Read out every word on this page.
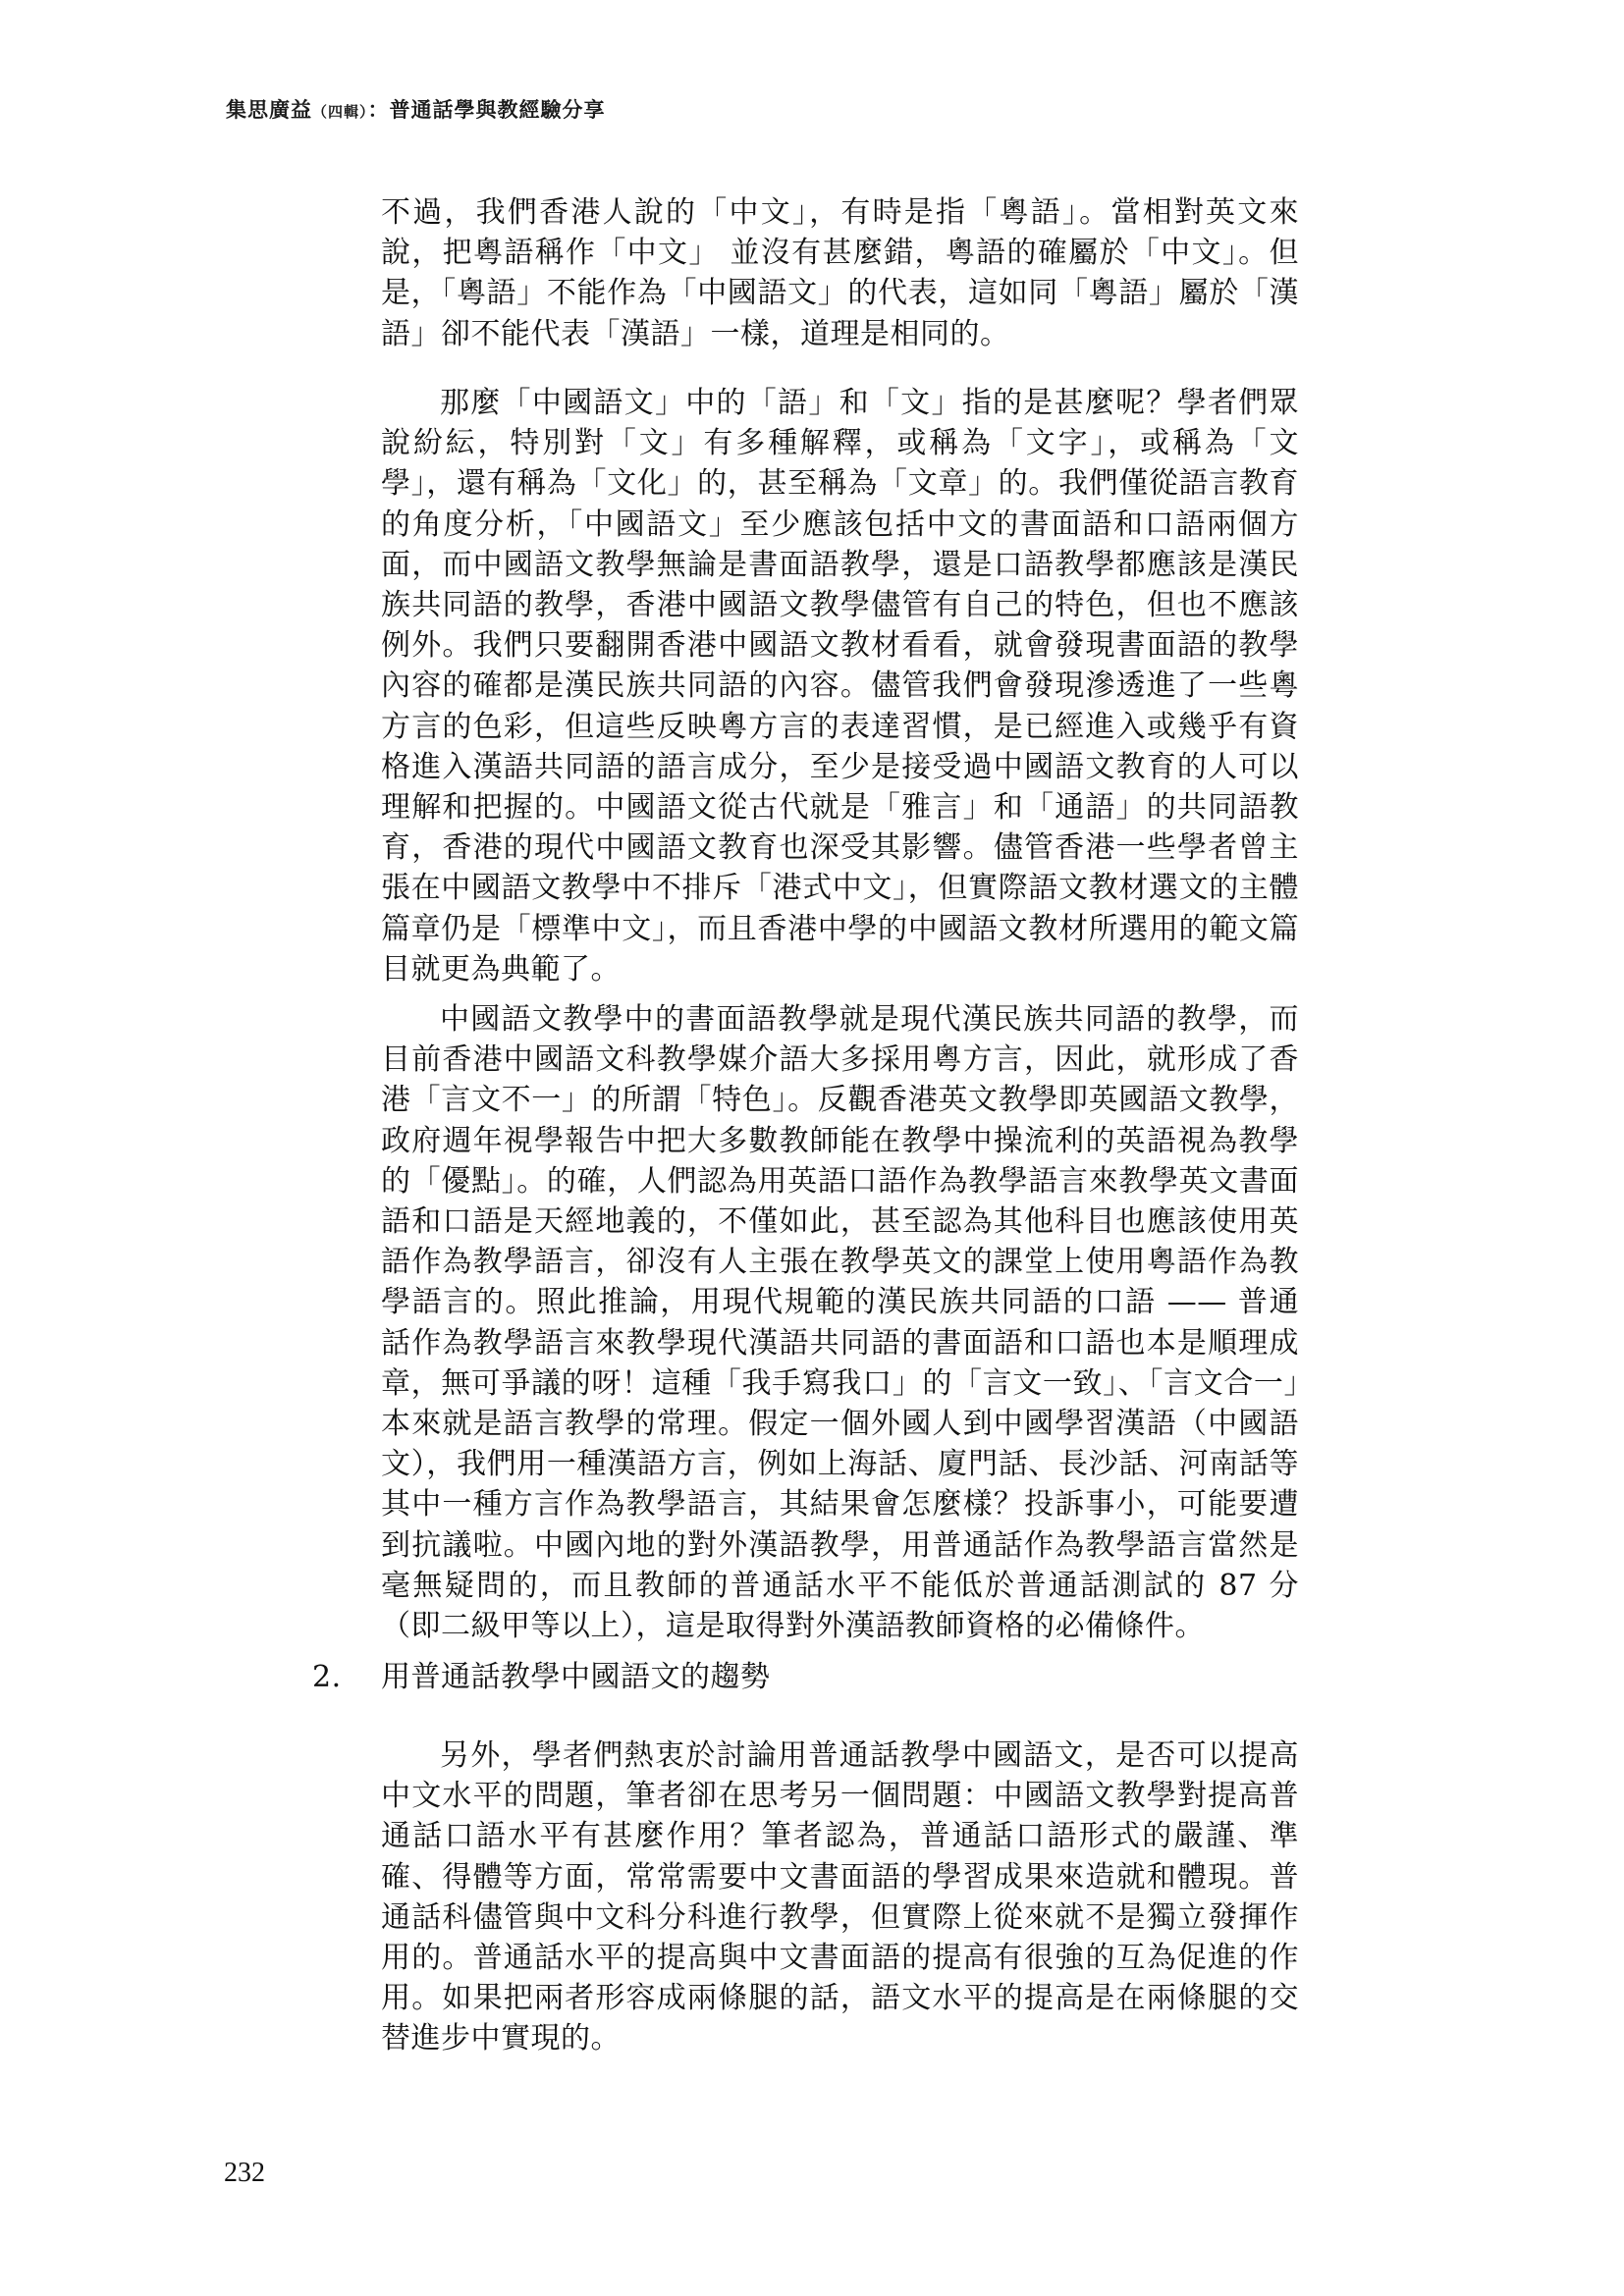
集思廣益（四輯）：普通話學與教經驗分享
不過，我們香港人說的「中文」，有時是指「粵語」。當相對英文來說，把粵語稱作「中文」 並沒有甚麼錯，粵語的確屬於「中文」。但是，「粵語」不能作為「中國語文」的代表，這如同「粵語」屬於「漢語」卻不能代表「漢語」一樣，道理是相同的。
那麼「中國語文」中的「語」和「文」指的是甚麼呢？學者們眾說紛紜，特別對「文」有多種解釋，或稱為「文字」，或稱為「文學」，還有稱為「文化」的，甚至稱為「文章」的。我們僅從語言教育的角度分析，「中國語文」至少應該包括中文的書面語和口語兩個方面，而中國語文教學無論是書面語教學，還是口語教學都應該是漢民族共同語的教學，香港中國語文教學儘管有自己的特色，但也不應該例外。我們只要翻開香港中國語文教材看看，就會發現書面語的教學內容的確都是漢民族共同語的內容。儘管我們會發現滲透進了一些粵方言的色彩，但這些反映粵方言的表達習慣，是已經進入或幾乎有資格進入漢語共同語的語言成分，至少是接受過中國語文教育的人可以理解和把握的。中國語文從古代就是「雅言」和「通語」的共同語教育，香港的現代中國語文教育也深受其影響。儘管香港一些學者曾主張在中國語文教學中不排斥「港式中文」，但實際語文教材選文的主體篇章仍是「標準中文」，而且香港中學的中國語文教材所選用的範文篇目就更為典範了。
中國語文教學中的書面語教學就是現代漢民族共同語的教學，而目前香港中國語文科教學媒介語大多採用粵方言，因此，就形成了香港「言文不一」的所謂「特色」。反觀香港英文教學即英國語文教學，政府週年視學報告中把大多數教師能在教學中操流利的英語視為教學的「優點」。的確，人們認為用英語口語作為教學語言來教學英文書面語和口語是天經地義的，不僅如此，甚至認為其他科目也應該使用英語作為教學語言，卻沒有人主張在教學英文的課堂上使用粵語作為教學語言的。照此推論，用現代規範的漢民族共同語的口語 —— 普通話作為教學語言來教學現代漢語共同語的書面語和口語也本是順理成章，無可爭議的呀！這種「我手寫我口」的「言文一致」、「言文合一」本來就是語言教學的常理。假定一個外國人到中國學習漢語（中國語文），我們用一種漢語方言，例如上海話、廈門話、長沙話、河南話等其中一種方言作為教學語言，其結果會怎麼樣？投訴事小，可能要遭到抗議啦。中國內地的對外漢語教學，用普通話作為教學語言當然是毫無疑問的，而且教師的普通話水平不能低於普通話測試的 87 分（即二級甲等以上），這是取得對外漢語教師資格的必備條件。
2. 用普通話教學中國語文的趨勢
另外，學者們熱衷於討論用普通話教學中國語文，是否可以提高中文水平的問題，筆者卻在思考另一個問題：中國語文教學對提高普通話口語水平有甚麼作用？筆者認為，普通話口語形式的嚴謹、準確、得體等方面，常常需要中文書面語的學習成果來造就和體現。普通話科儘管與中文科分科進行教學，但實際上從來就不是獨立發揮作用的。普通話水平的提高與中文書面語的提高有很強的互為促進的作用。如果把兩者形容成兩條腿的話，語文水平的提高是在兩條腿的交替進步中實現的。
232
